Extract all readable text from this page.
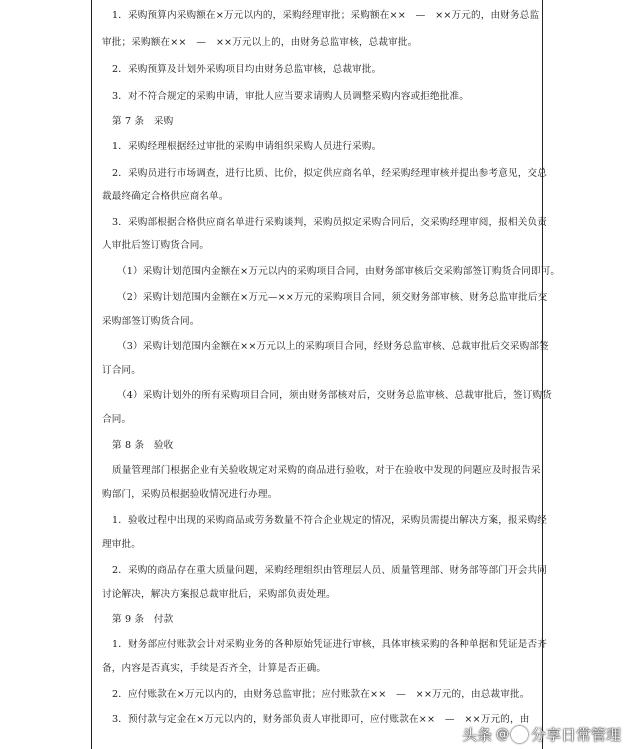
1．采购预算内采购额在×万元以内的，采购经理审批；采购额在××　—　××万元的，由财务总监
审批；采购额在××　—　××万元以上的，由财务总监审核，总裁审批。
2．采购预算及计划外采购项目均由财务总监审核，总裁审批。
3．对不符合规定的采购申请，审批人应当要求请购人员调整采购内容或拒绝批准。
第 7 条　采购
1．采购经理根据经过审批的采购申请组织采购人员进行采购。
2．采购员进行市场调查，进行比质、比价，拟定供应商名单，经采购经理审核并提出参考意见，交总
裁最终确定合格供应商名单。
3．采购部根据合格供应商名单进行采购谈判，采购员拟定采购合同后，交采购经理审阅，报相关负责
人审批后签订购货合同。
（1）采购计划范围内金额在×万元以内的采购项目合同，由财务部审核后交采购部签订购货合同即可。
（2）采购计划范围内金额在×万元—××万元的采购项目合同，须交财务部审核、财务总监审批后交
采购部签订购货合同。
（3）采购计划范围内金额在××万元以上的采购项目合同，经财务总监审核、总裁审批后交采购部签
订合同。
（4）采购计划外的所有采购项目合同，须由财务部核对后，交财务总监审核、总裁审批后，签订购货
合同。
第 8 条　验收
质量管理部门根据企业有关验收规定对采购的商品进行验收，对于在验收中发现的问题应及时报告采
购部门，采购员根据验收情况进行办理。
1．验收过程中出现的采购商品或劳务数量不符合企业规定的情况，采购员需提出解决方案，报采购经
理审批。
2．采购的商品存在重大质量问题，采购经理组织由管理层人员、质量管理部、财务部等部门开会共同
讨论解决，解决方案报总裁审批后，采购部负责处理。
第 9 条　付款
1．财务部应付账款会计对采购业务的各种原始凭证进行审核，具体审核采购的各种单据和凭证是否齐
备，内容是否真实，手续是否齐全，计算是否正确。
2．应付账款在×万元以内的，由财务总监审批；应付账款在××　—　××万元的，由总裁审批。
3．预付款与定金在×万元以内的，财务部负责人审批即可，应付账款在××　—　××万元的，由
头条 @ 分享日常管理
